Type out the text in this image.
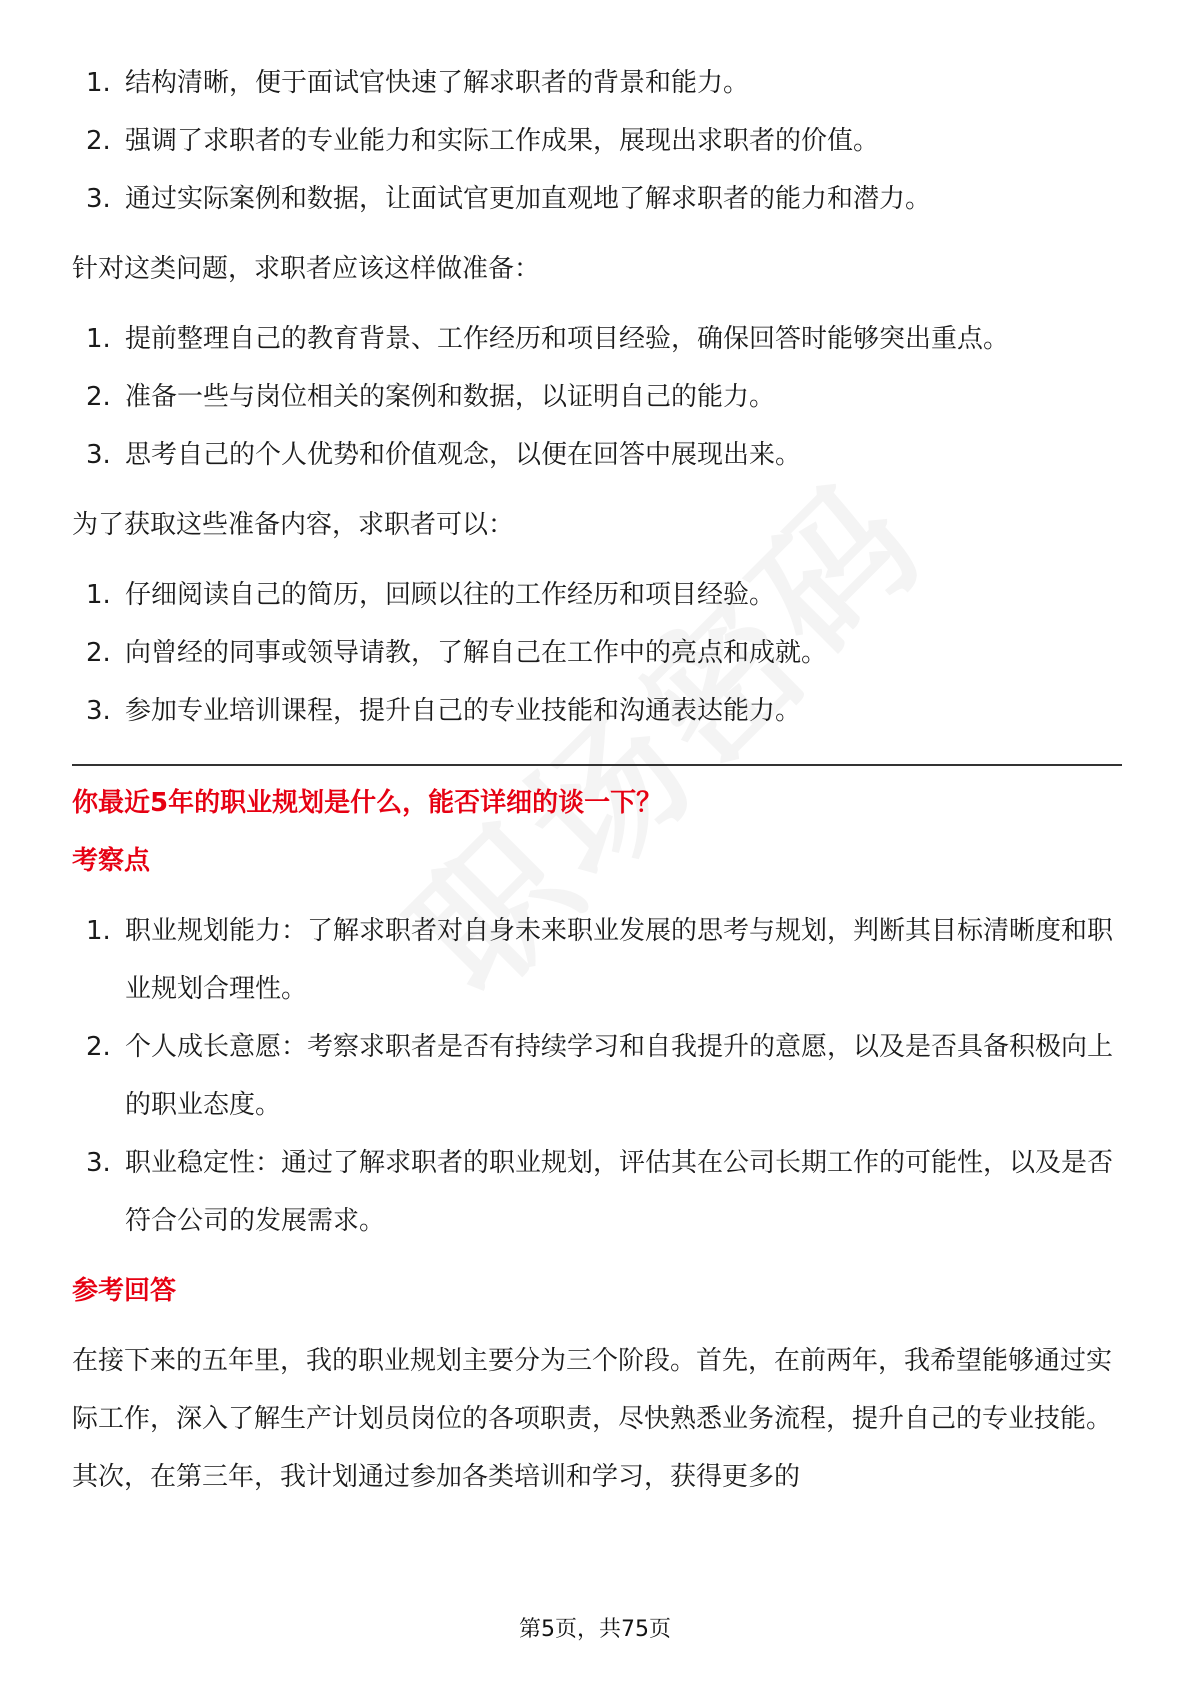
1. 结构清晰，便于面试官快速了解求职者的背景和能力。
2. 强调了求职者的专业能力和实际工作成果，展现出求职者的价值。
3. 通过实际案例和数据，让面试官更加直观地了解求职者的能力和潜力。

针对这类问题，求职者应该这样做准备：

1. 提前整理自己的教育背景、工作经历和项目经验，确保回答时能够突出重点。
2. 准备一些与岗位相关的案例和数据，以证明自己的能力。
3. 思考自己的个人优势和价值观念，以便在回答中展现出来。

为了获取这些准备内容，求职者可以：

1. 仔细阅读自己的简历，回顾以往的工作经历和项目经验。
2. 向曾经的同事或领导请教，了解自己在工作中的亮点和成就。
3. 参加专业培训课程，提升自己的专业技能和沟通表达能力。

你最近5年的职业规划是什么，能否详细的谈一下？

考察点

1. 职业规划能力：了解求职者对自身未来职业发展的思考与规划，判断其目标清晰度和职业规划合理性。
2. 个人成长意愿：考察求职者是否有持续学习和自我提升的意愿，以及是否具备积极向上的职业态度。
3. 职业稳定性：通过了解求职者的职业规划，评估其在公司长期工作的可能性，以及是否符合公司的发展需求。

参考回答

在接下来的五年里，我的职业规划主要分为三个阶段。首先，在前两年，我希望能够通过实际工作，深入了解生产计划员岗位的各项职责，尽快熟悉业务流程，提升自己的专业技能。其次，在第三年，我计划通过参加各类培训和学习，获得更多的

第5页，共75页
